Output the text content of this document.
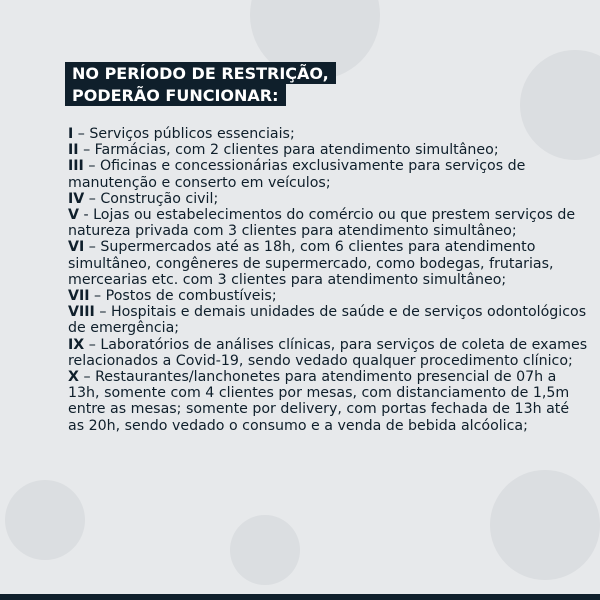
NO PERÍODO DE RESTRIÇÃO,
PODERÃO FUNCIONAR:

I – Serviços públicos essenciais;

II – Farmácias, com 2 clientes para atendimento simultâneo;

III – Oficinas e concessionárias exclusivamente para serviços de manutenção e conserto em veículos;

IV – Construção civil;

V - Lojas ou estabelecimentos do comércio ou que prestem serviços de natureza privada com 3 clientes para atendimento simultâneo;

VI – Supermercados até as 18h, com 6 clientes para atendimento simultâneo, congêneres de supermercado, como bodegas, frutarias, mercearias etc. com 3 clientes para atendimento simultâneo;

VII – Postos de combustíveis;

VIII – Hospitais e demais unidades de saúde e de serviços odontológicos de emergência;

IX – Laboratórios de análises clínicas, para serviços de coleta de exames relacionados a Covid-19, sendo vedado qualquer procedimento clínico;

X – Restaurantes/lanchonetes para atendimento presencial de 07h a 13h, somente com 4 clientes por mesas, com distanciamento de 1,5m entre as mesas; somente por delivery, com portas fechada de 13h até as 20h, sendo vedado o consumo e a venda de bebida alcóolica;
